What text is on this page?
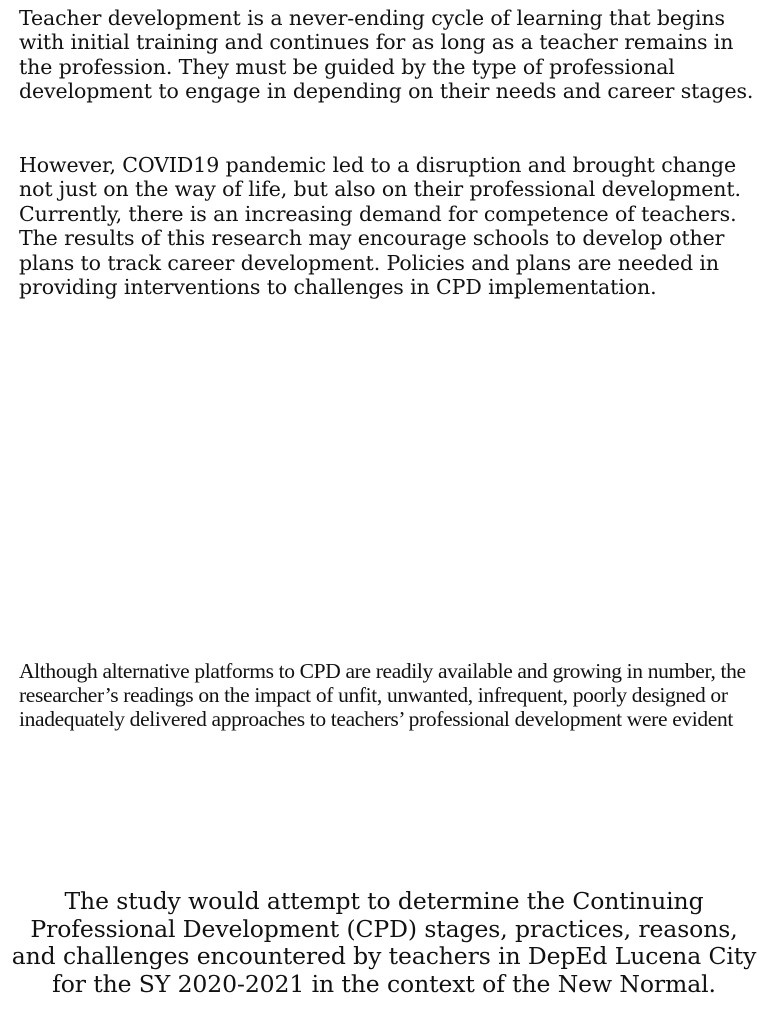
Teacher development is a never-ending cycle of learning that begins with initial training and continues for as long as a teacher remains in the profession. They must be guided by the type of professional development to engage in depending on their needs and career stages.

However, COVID19 pandemic led to a disruption and brought change not just on the way of life, but also on their professional development. Currently, there is an increasing demand for competence of teachers. The results of this research may encourage schools to develop other plans to track career development. Policies and plans are needed in providing interventions to challenges in CPD implementation.

Although alternative platforms to CPD are readily available and growing in number, the researcher’s readings on the impact of unfit, unwanted, infrequent, poorly designed or inadequately delivered approaches to teachers’ professional development were evident

The study would attempt to determine the Continuing Professional Development (CPD) stages, practices, reasons, and challenges encountered by teachers in DepEd Lucena City for the SY 2020-2021 in the context of the New Normal.
